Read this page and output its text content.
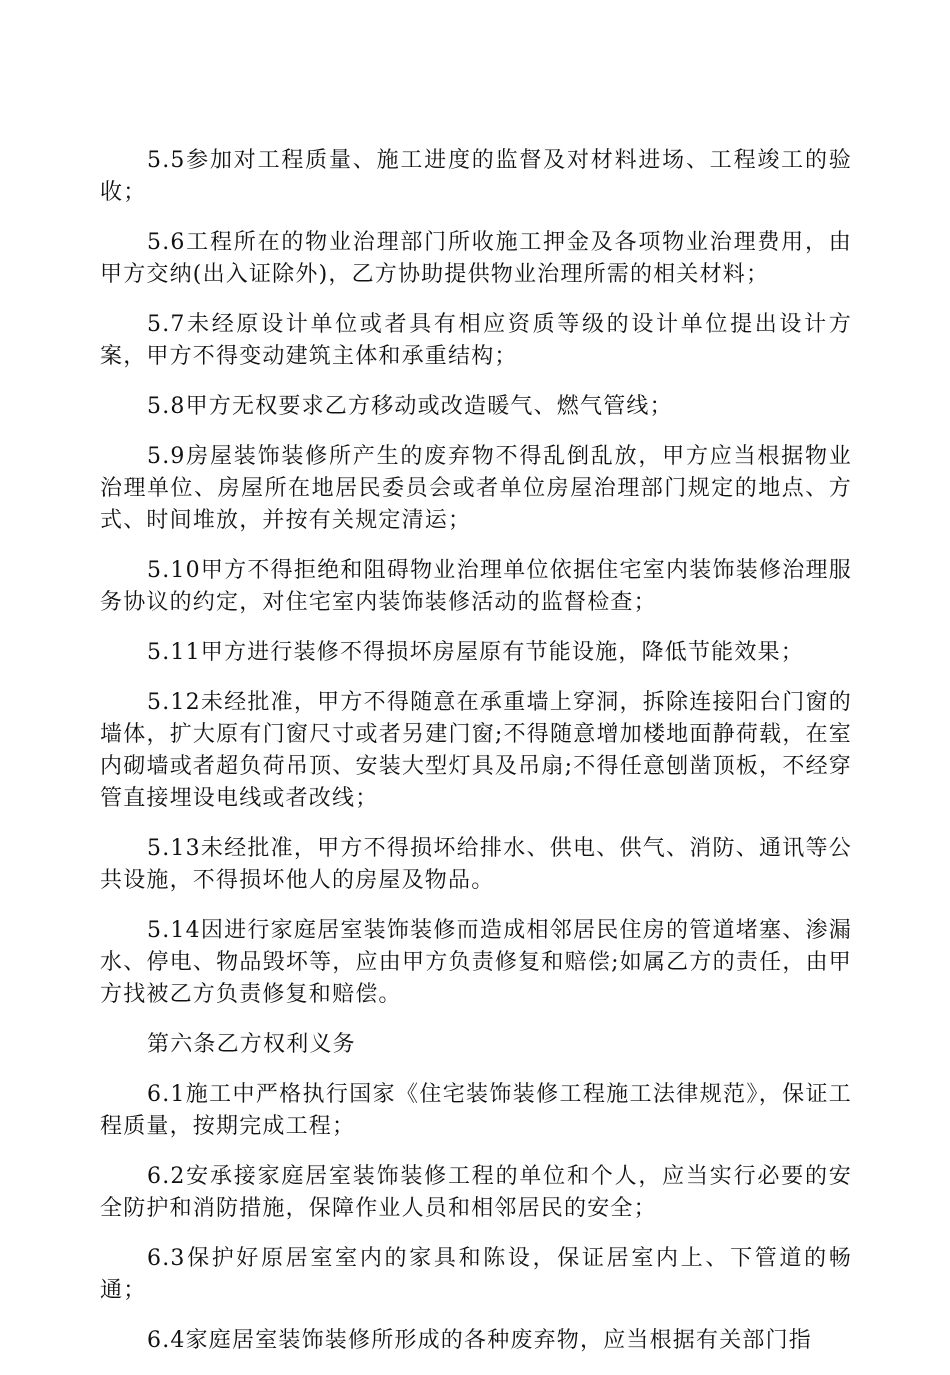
5.5参加对工程质量、施工进度的监督及对材料进场、工程竣工的验收；

5.6工程所在的物业治理部门所收施工押金及各项物业治理费用，由甲方交纳(出入证除外)，乙方协助提供物业治理所需的相关材料；

5.7未经原设计单位或者具有相应资质等级的设计单位提出设计方案，甲方不得变动建筑主体和承重结构；

5.8甲方无权要求乙方移动或改造暖气、燃气管线；

5.9房屋装饰装修所产生的废弃物不得乱倒乱放，甲方应当根据物业治理单位、房屋所在地居民委员会或者单位房屋治理部门规定的地点、方式、时间堆放，并按有关规定清运；

5.10甲方不得拒绝和阻碍物业治理单位依据住宅室内装饰装修治理服务协议的约定，对住宅室内装饰装修活动的监督检查；

5.11甲方进行装修不得损坏房屋原有节能设施，降低节能效果；

5.12未经批准，甲方不得随意在承重墙上穿洞，拆除连接阳台门窗的墙体，扩大原有门窗尺寸或者另建门窗;不得随意增加楼地面静荷载，在室内砌墙或者超负荷吊顶、安装大型灯具及吊扇;不得任意刨凿顶板，不经穿管直接埋设电线或者改线；

5.13未经批准，甲方不得损坏给排水、供电、供气、消防、通讯等公共设施，不得损坏他人的房屋及物品。

5.14因进行家庭居室装饰装修而造成相邻居民住房的管道堵塞、渗漏水、停电、物品毁坏等，应由甲方负责修复和赔偿;如属乙方的责任，由甲方找被乙方负责修复和赔偿。

第六条乙方权利义务

6.1施工中严格执行国家《住宅装饰装修工程施工法律规范》，保证工程质量，按期完成工程；

6.2安承接家庭居室装饰装修工程的单位和个人，应当实行必要的安全防护和消防措施，保障作业人员和相邻居民的安全；

6.3保护好原居室室内的家具和陈设，保证居室内上、下管道的畅通；

6.4家庭居室装饰装修所形成的各种废弃物，应当根据有关部门指
